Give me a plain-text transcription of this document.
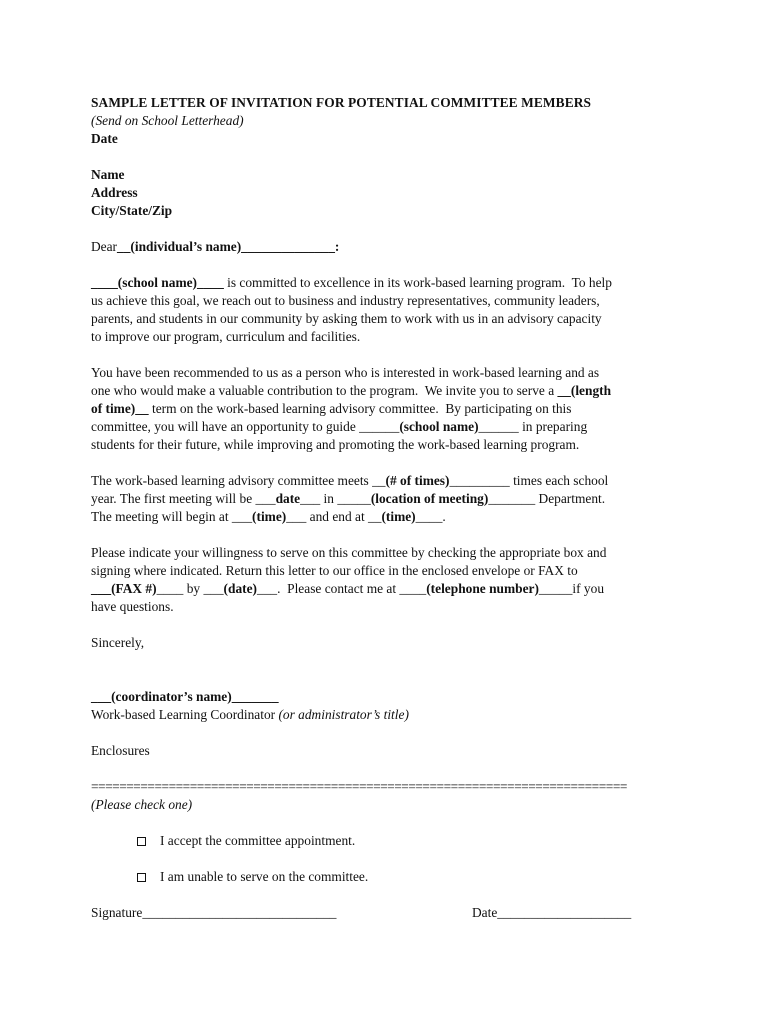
SAMPLE LETTER OF INVITATION FOR POTENTIAL COMMITTEE MEMBERS
(Send on School Letterhead)
Date
Name
Address
City/State/Zip
Dear__(individual’s name)______________:
____(school name)____ is committed to excellence in its work-based learning program.  To help
us achieve this goal, we reach out to business and industry representatives, community leaders,
parents, and students in our community by asking them to work with us in an advisory capacity
to improve our program, curriculum and facilities.
You have been recommended to us as a person who is interested in work-based learning and as
one who would make a valuable contribution to the program.  We invite you to serve a __(length
of time)__ term on the work-based learning advisory committee.  By participating on this
committee, you will have an opportunity to guide ______(school name)______ in preparing
students for their future, while improving and promoting the work-based learning program.
The work-based learning advisory committee meets __(# of times)_________ times each school
year. The first meeting will be ___date___ in _____(location of meeting)_______ Department.
The meeting will begin at ___(time)___ and end at __(time)____.
Please indicate your willingness to serve on this committee by checking the appropriate box and
signing where indicated. Return this letter to our office in the enclosed envelope or FAX to
___(FAX #)____ by ___(date)___.  Please contact me at ____(telephone number)_____if you
have questions.
Sincerely,
___(coordinator’s name)_______
Work-based Learning Coordinator (or administrator’s title)
Enclosures
============================================================================
(Please check one)
I accept the committee appointment.
I am unable to serve on the committee.
Signature_____________________________	Date____________________
